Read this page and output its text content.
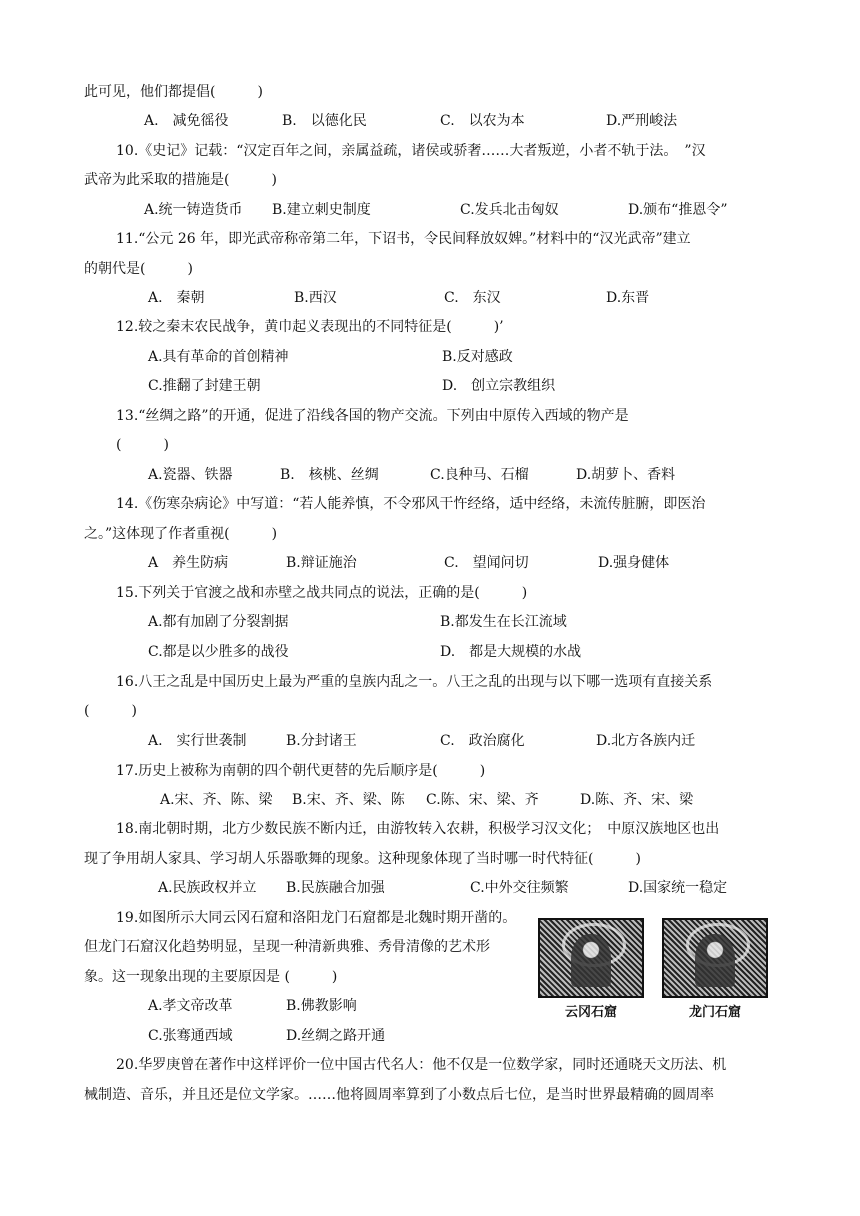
此可见，他们都提倡(　　　)
A.　减免徭役	B.　以德化民	C.　以农为本	D.严刑峻法
10.《史记》记载：“汉定百年之间，亲属益疏，诸侯或骄奢……大者叛逆，小者不轨于法。　”汉
武帝为此采取的措施是(　　　)
A.统一铸造货币 B.建立刺史制度	C.发兵北击匈奴	D.颁布“推恩令”
11.“公元 26 年，即光武帝称帝第二年，下诏书，令民间释放奴婢。”材料中的“汉光武帝”建立
的朝代是(　　　)
A.　秦朝	B.西汉	C.　东汉	D.东晋
12.较之秦末农民战争，黄巾起义表现出的不同特征是(　　　)’
A.具有革命的首创精神	B.反对感政
C.推翻了封建王朝	D.　创立宗教组织
13.“丝绸之路”的开通，促进了沿线各国的物产交流。下列由中原传入西域的物产是
(　　　)
A.瓷器、铁器	B.　核桃、丝绸	C.良种马、石榴	D.胡萝卜、香料
14.《伤寒杂病论》中写道：“若人能养慎，不令邪风干忤经络，适中经络，未流传脏腑，即医治
之。”这体现了作者重视(　　　)
A　养生防病	B.辩证施治	C.　望闻问切	D.强身健体
15.下列关于官渡之战和赤壁之战共同点的说法，正确的是(　　　)
A.都有加剧了分裂割据	B.都发生在长江流域
C.都是以少胜多的战役	D.　都是大规模的水战
16.八王之乱是中国历史上最为严重的皇族内乱之一。八王之乱的出现与以下哪一选项有直接关系
(　　　)
A.　实行世袭制	B.分封诸王	C.　政治腐化	D.北方各族内迁
17.历史上被称为南朝的四个朝代更替的先后顺序是(　　　)
A.宋、齐、陈、梁 B.宋、齐、梁、陈 C.陈、宋、梁、齐	D.陈、齐、宋、梁
18.南北朝时期，北方少数民族不断内迁，由游牧转入农耕，积极学习汉文化；　中原汉族地区也出
现了争用胡人家具、学习胡人乐器歌舞的现象。这种现象体现了当时哪一时代特征(　　　)
A.民族政权并立 B.民族融合加强	C.中外交往频繁	D.国家统一稳定
19.如图所示大同云冈石窟和洛阳龙门石窟都是北魏时期开凿的。
但龙门石窟汉化趋势明显，呈现一种清新典雅、秀骨清像的艺术形
象。这一现象出现的主要原因是 (　　　)
A.孝文帝改革	B.佛教影响
C.张骞通西域	D.丝绸之路开通
云冈石窟	龙门石窟
20.华罗庚曾在著作中这样评价一位中国古代名人：他不仅是一位数学家，同时还通晓天文历法、机
械制造、音乐，并且还是位文学家。……他将圆周率算到了小数点后七位，是当时世界最精确的圆周率
